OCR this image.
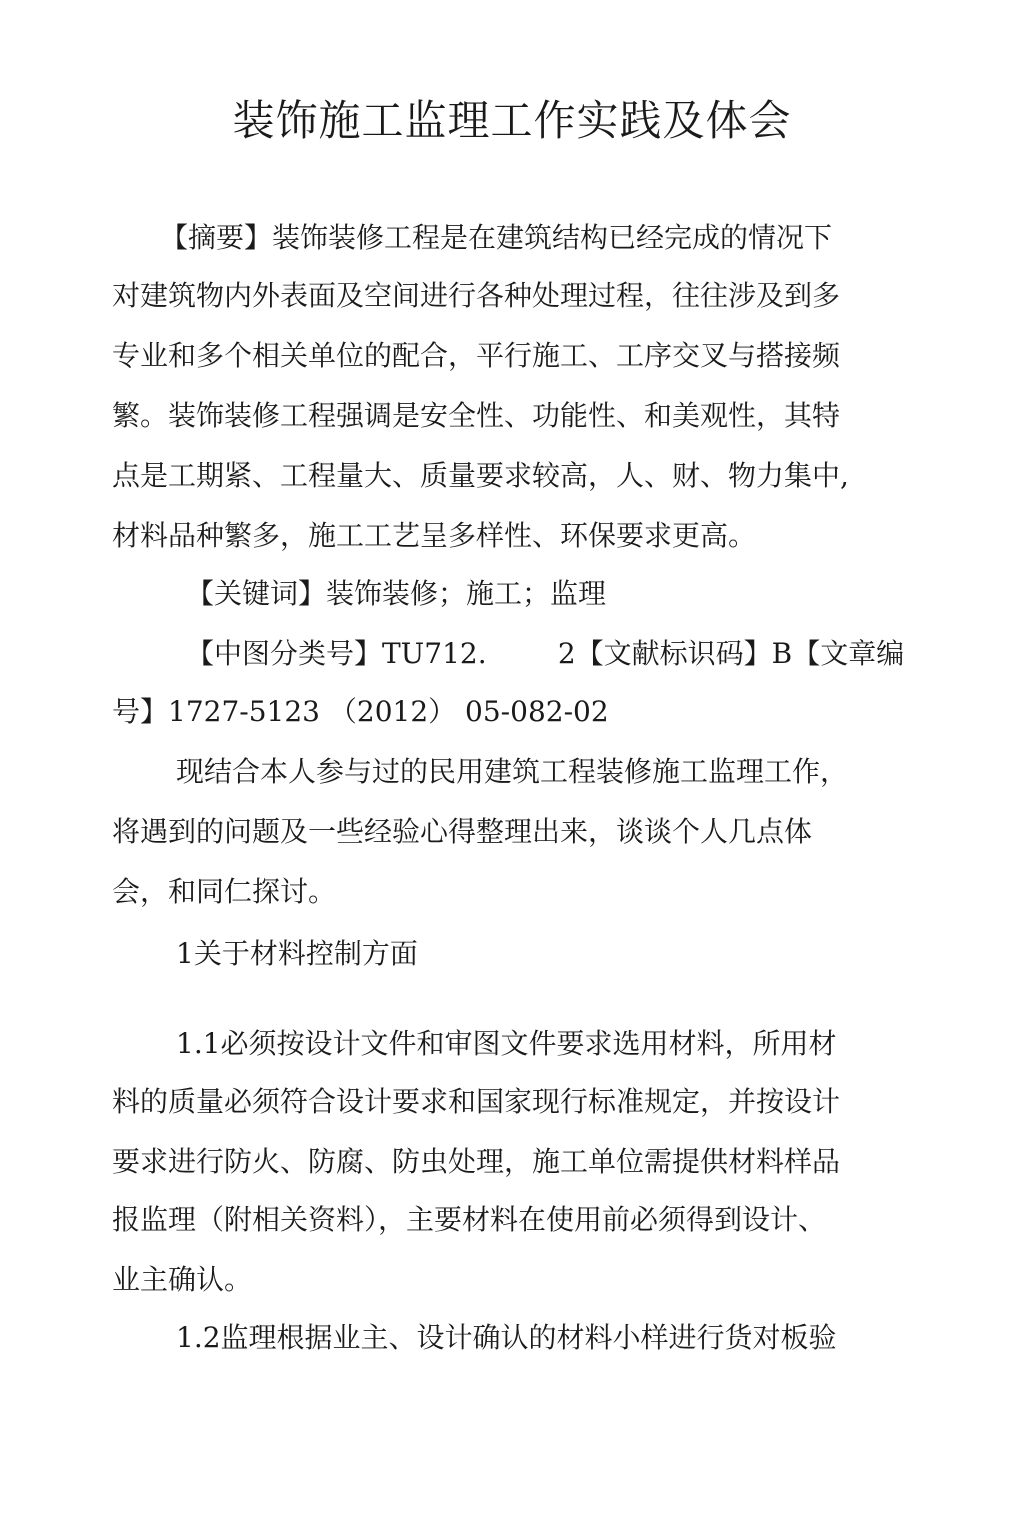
装饰施工监理工作实践及体会

【摘要】装饰装修工程是在建筑结构已经完成的情况下

对建筑物内外表面及空间进行各种处理过程，往往涉及到多

专业和多个相关单位的配合，平行施工、工序交叉与搭接频

繁。装饰装修工程强调是安全性、功能性、和美观性，其特

点是工期紧、工程量大、质量要求较高，人、财、物力集中,

材料品种繁多，施工工艺呈多样性、环保要求更高。

【关键词】装饰装修；施工；监理

【中图分类号】TU712.        2【文献标识码】B【文章编

号】1727-5123 （2012） 05-082-02

现结合本人参与过的民用建筑工程装修施工监理工作，

将遇到的问题及一些经验心得整理出来，谈谈个人几点体

会，和同仁探讨。

1关于材料控制方面

1.1必须按设计文件和审图文件要求选用材料，所用材

料的质量必须符合设计要求和国家现行标准规定，并按设计

要求进行防火、防腐、防虫处理，施工单位需提供材料样品

报监理（附相关资料），主要材料在使用前必须得到设计、

业主确认。

1.2监理根据业主、设计确认的材料小样进行货对板验
